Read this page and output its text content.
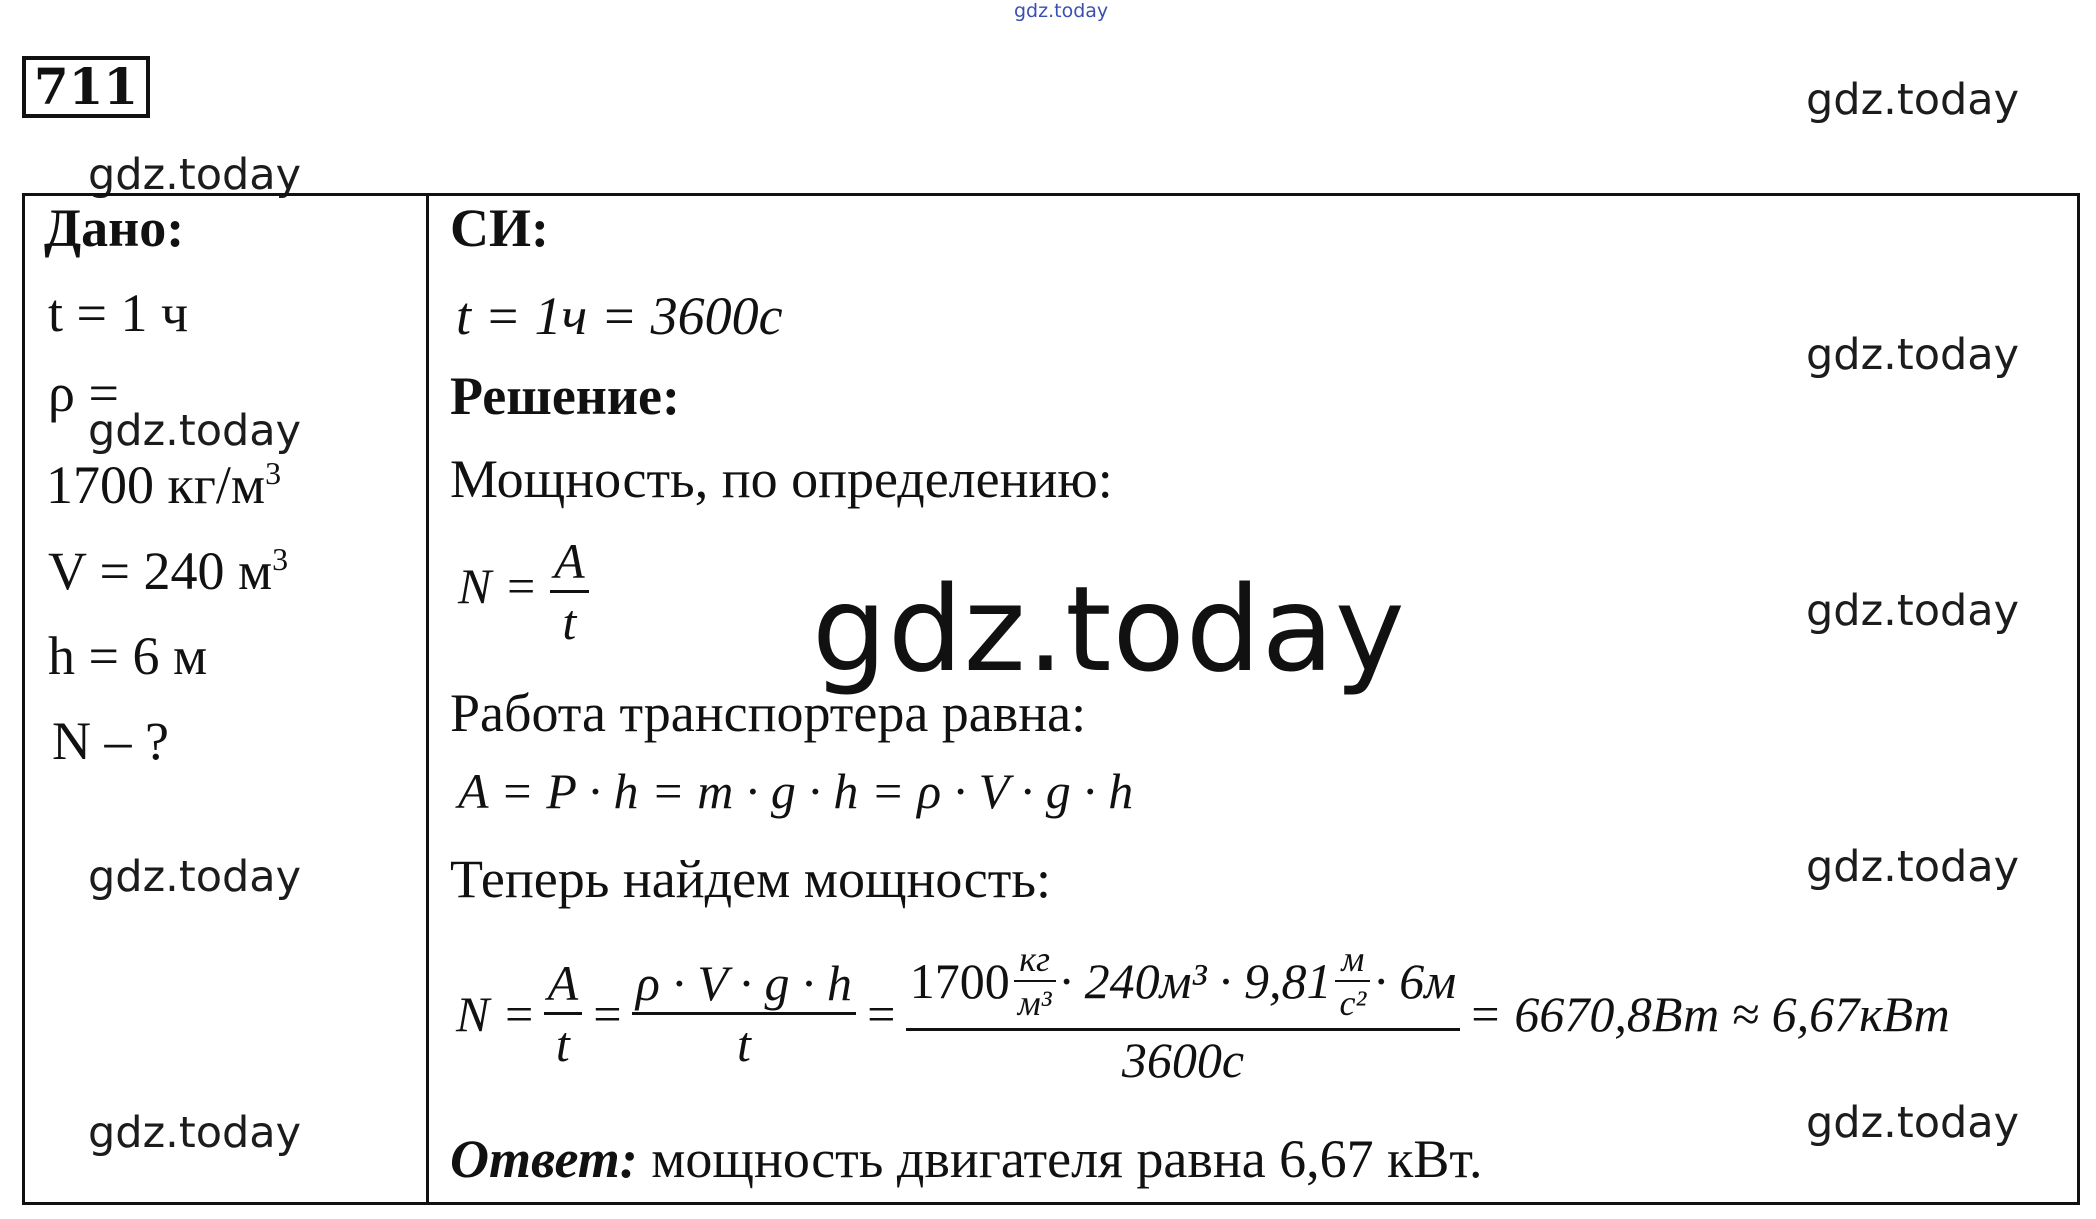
gdz.today
gdz.today
gdz.today
gdz.today
gdz.today
gdz.today
gdz.today	gdz.today
gdz.today	gdz.today
gdz.today
711
Дано:
t = 1 ч
ρ =
1700 $кг/м^3$
V = 240 $м^3$
h = 6 м
N – ?
СИ:
t = 1ч = 3600с
Решение:
Мощность, по определению:
$N = \frac{A}{t}$
Работа транспортера равна:
A = P · h = m · g · h = ρ · V · g · h
Теперь найдем мощность:
$N = \frac{A}{t} = \frac{\rho \cdot V \cdot g \cdot h}{t} = \frac{1700 \frac{кг}{\text{м³}} \cdot 240м^3 \cdot 9,81 \frac{м}{\text{с²}} \cdot 6м}{3600с} = 6670,8Вт \approx 6,67кВт$
Ответ: мощность двигателя равна 6,67 кВт.
